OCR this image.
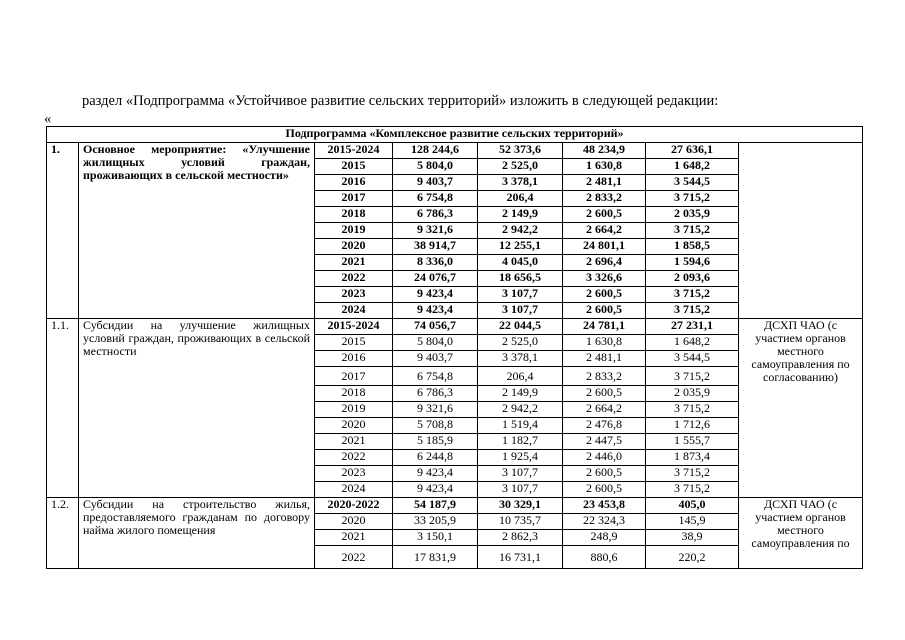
раздел «Подпрограмма «Устойчивое развитие сельских территорий» изложить в следующей редакции:
«
Подпрограмма «Комплексное развитие сельских территорий»							
1.	Основное мероприятие: «Улучшение жилищных условий граждан, проживающих в сельской местности»	2015-2024	128 244,6	52 373,6	48 234,9	27 636,1	
		2015	5 804,0	2 525,0	1 630,8	1 648,2	
		2016	9 403,7	3 378,1	2 481,1	3 544,5	
		2017	6 754,8	206,4	2 833,2	3 715,2	
		2018	6 786,3	2 149,9	2 600,5	2 035,9	
		2019	9 321,6	2 942,2	2 664,2	3 715,2	
		2020	38 914,7	12 255,1	24 801,1	1 858,5	
		2021	8 336,0	4 045,0	2 696,4	1 594,6	
		2022	24 076,7	18 656,5	3 326,6	2 093,6	
		2023	9 423,4	3 107,7	2 600,5	3 715,2	
		2024	9 423,4	3 107,7	2 600,5	3 715,2	
1.1.	Субсидии на улучшение жилищных условий граждан, проживающих в сельской местности	2015-2024	74 056,7	22 044,5	24 781,1	27 231,1	ДСХП ЧАО (с участием органов местного самоуправления по согласованию)
		2015	5 804,0	2 525,0	1 630,8	1 648,2	
		2016	9 403,7	3 378,1	2 481,1	3 544,5	
		2017	6 754,8	206,4	2 833,2	3 715,2	
		2018	6 786,3	2 149,9	2 600,5	2 035,9	
		2019	9 321,6	2 942,2	2 664,2	3 715,2	
		2020	5 708,8	1 519,4	2 476,8	1 712,6	
		2021	5 185,9	1 182,7	2 447,5	1 555,7	
		2022	6 244,8	1 925,4	2 446,0	1 873,4	
		2023	9 423,4	3 107,7	2 600,5	3 715,2	
		2024	9 423,4	3 107,7	2 600,5	3 715,2	
1.2.	Субсидии на строительство жилья, предоставляемого гражданам по договору найма жилого помещения	2020-2022	54 187,9	30 329,1	23 453,8	405,0	ДСХП ЧАО (с участием органов местного самоуправления по
		2020	33 205,9	10 735,7	22 324,3	145,9	
		2021	3 150,1	2 862,3	248,9	38,9	
		2022	17 831,9	16 731,1	880,6	220,2	
